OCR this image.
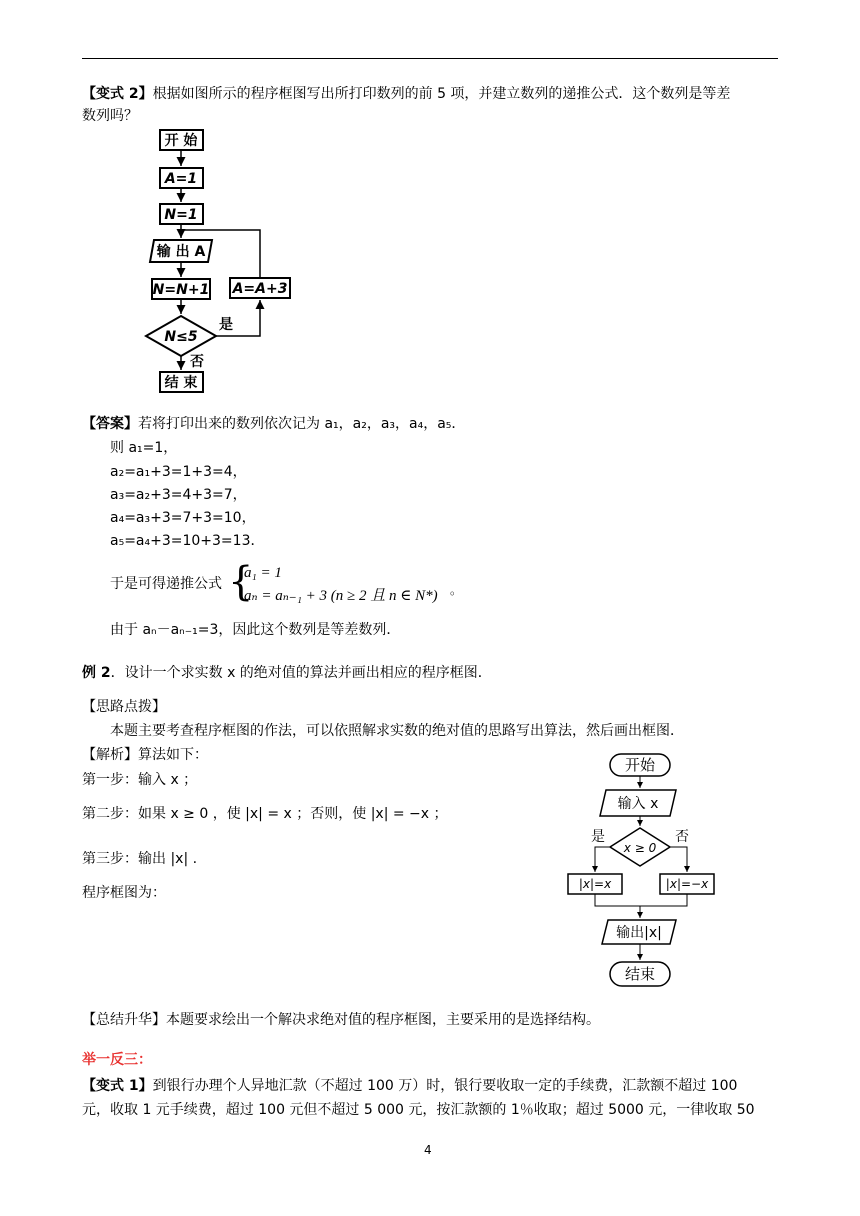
【变式 2】根据如图所示的程序框图写出所打印数列的前 5 项，并建立数列的递推公式．这个数列是等差
数列吗？
开 始
A=1
N=1
输 出 A
N=N+1 A=A+3
N≤5
是
否
结 束
【答案】若将打印出来的数列依次记为 a₁，a₂，a₃，a₄，a₅．
则 a₁=1，
a₂=a₁+3=1+3=4，
a₃=a₂+3=4+3=7，
a₄=a₃+3=7+3=10，
a₅=a₄+3=10+3=13．
于是可得递推公式 {
a₁ = 1
aₙ = aₙ₋₁ + 3 (n ≥ 2 且 n ∈ N*) 。
由于 aₙ－aₙ₋₁=3，因此这个数列是等差数列．
例 2．设计一个求实数 x 的绝对值的算法并画出相应的程序框图．
【思路点拨】
本题主要考查程序框图的作法，可以依照解求实数的绝对值的思路写出算法，然后画出框图．
【解析】算法如下：
第一步：输入 x ；
第二步：如果 x ≥ 0 ，使 |x| = x ；否则，使 |x| = −x ；
第三步：输出 |x| .
程序框图为：
开始
输入 x
x ≥ 0
是	否
|x|=x	|x|=−x
输出|x|
结束
【总结升华】本题要求绘出一个解决求绝对值的程序框图，主要采用的是选择结构。
举一反三：
【变式 1】到银行办理个人异地汇款（不超过 100 万）时，银行要收取一定的手续费，汇款额不超过 100
元，收取 1 元手续费，超过 100 元但不超过 5 000 元，按汇款额的 1％收取；超过 5000 元，一律收取 50
4
